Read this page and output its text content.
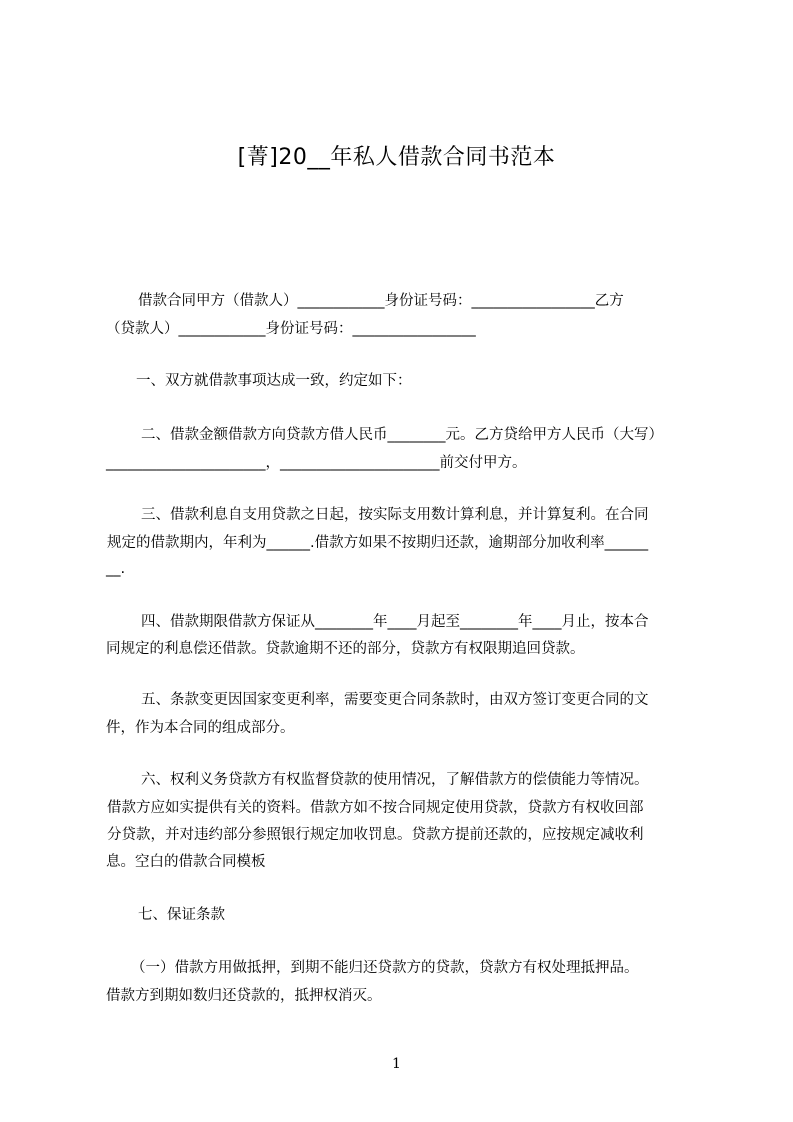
[菁]20__年私人借款合同书范本
借款合同甲方（借款人）____________身份证号码：_________________乙方
（贷款人）____________身份证号码：_________________
一、双方就借款事项达成一致，约定如下：
二、借款金额借款方向贷款方借人民币________元。乙方贷给甲方人民币（大写）
______________________，______________________前交付甲方。
三、借款利息自支用贷款之日起，按实际支用数计算利息，并计算复利。在合同
规定的借款期内，年利为______.借款方如果不按期归还款，逾期部分加收利率______
__.
四、借款期限借款方保证从________年____月起至________年____月止，按本合
同规定的利息偿还借款。贷款逾期不还的部分，贷款方有权限期追回贷款。
五、条款变更因国家变更利率，需要变更合同条款时，由双方签订变更合同的文
件，作为本合同的组成部分。
六、权利义务贷款方有权监督贷款的使用情况，了解借款方的偿债能力等情况。
借款方应如实提供有关的资料。借款方如不按合同规定使用贷款，贷款方有权收回部
分贷款，并对违约部分参照银行规定加收罚息。贷款方提前还款的，应按规定减收利
息。空白的借款合同模板
七、保证条款
（一）借款方用做抵押，到期不能归还贷款方的贷款，贷款方有权处理抵押品。
借款方到期如数归还贷款的，抵押权消灭。
1
